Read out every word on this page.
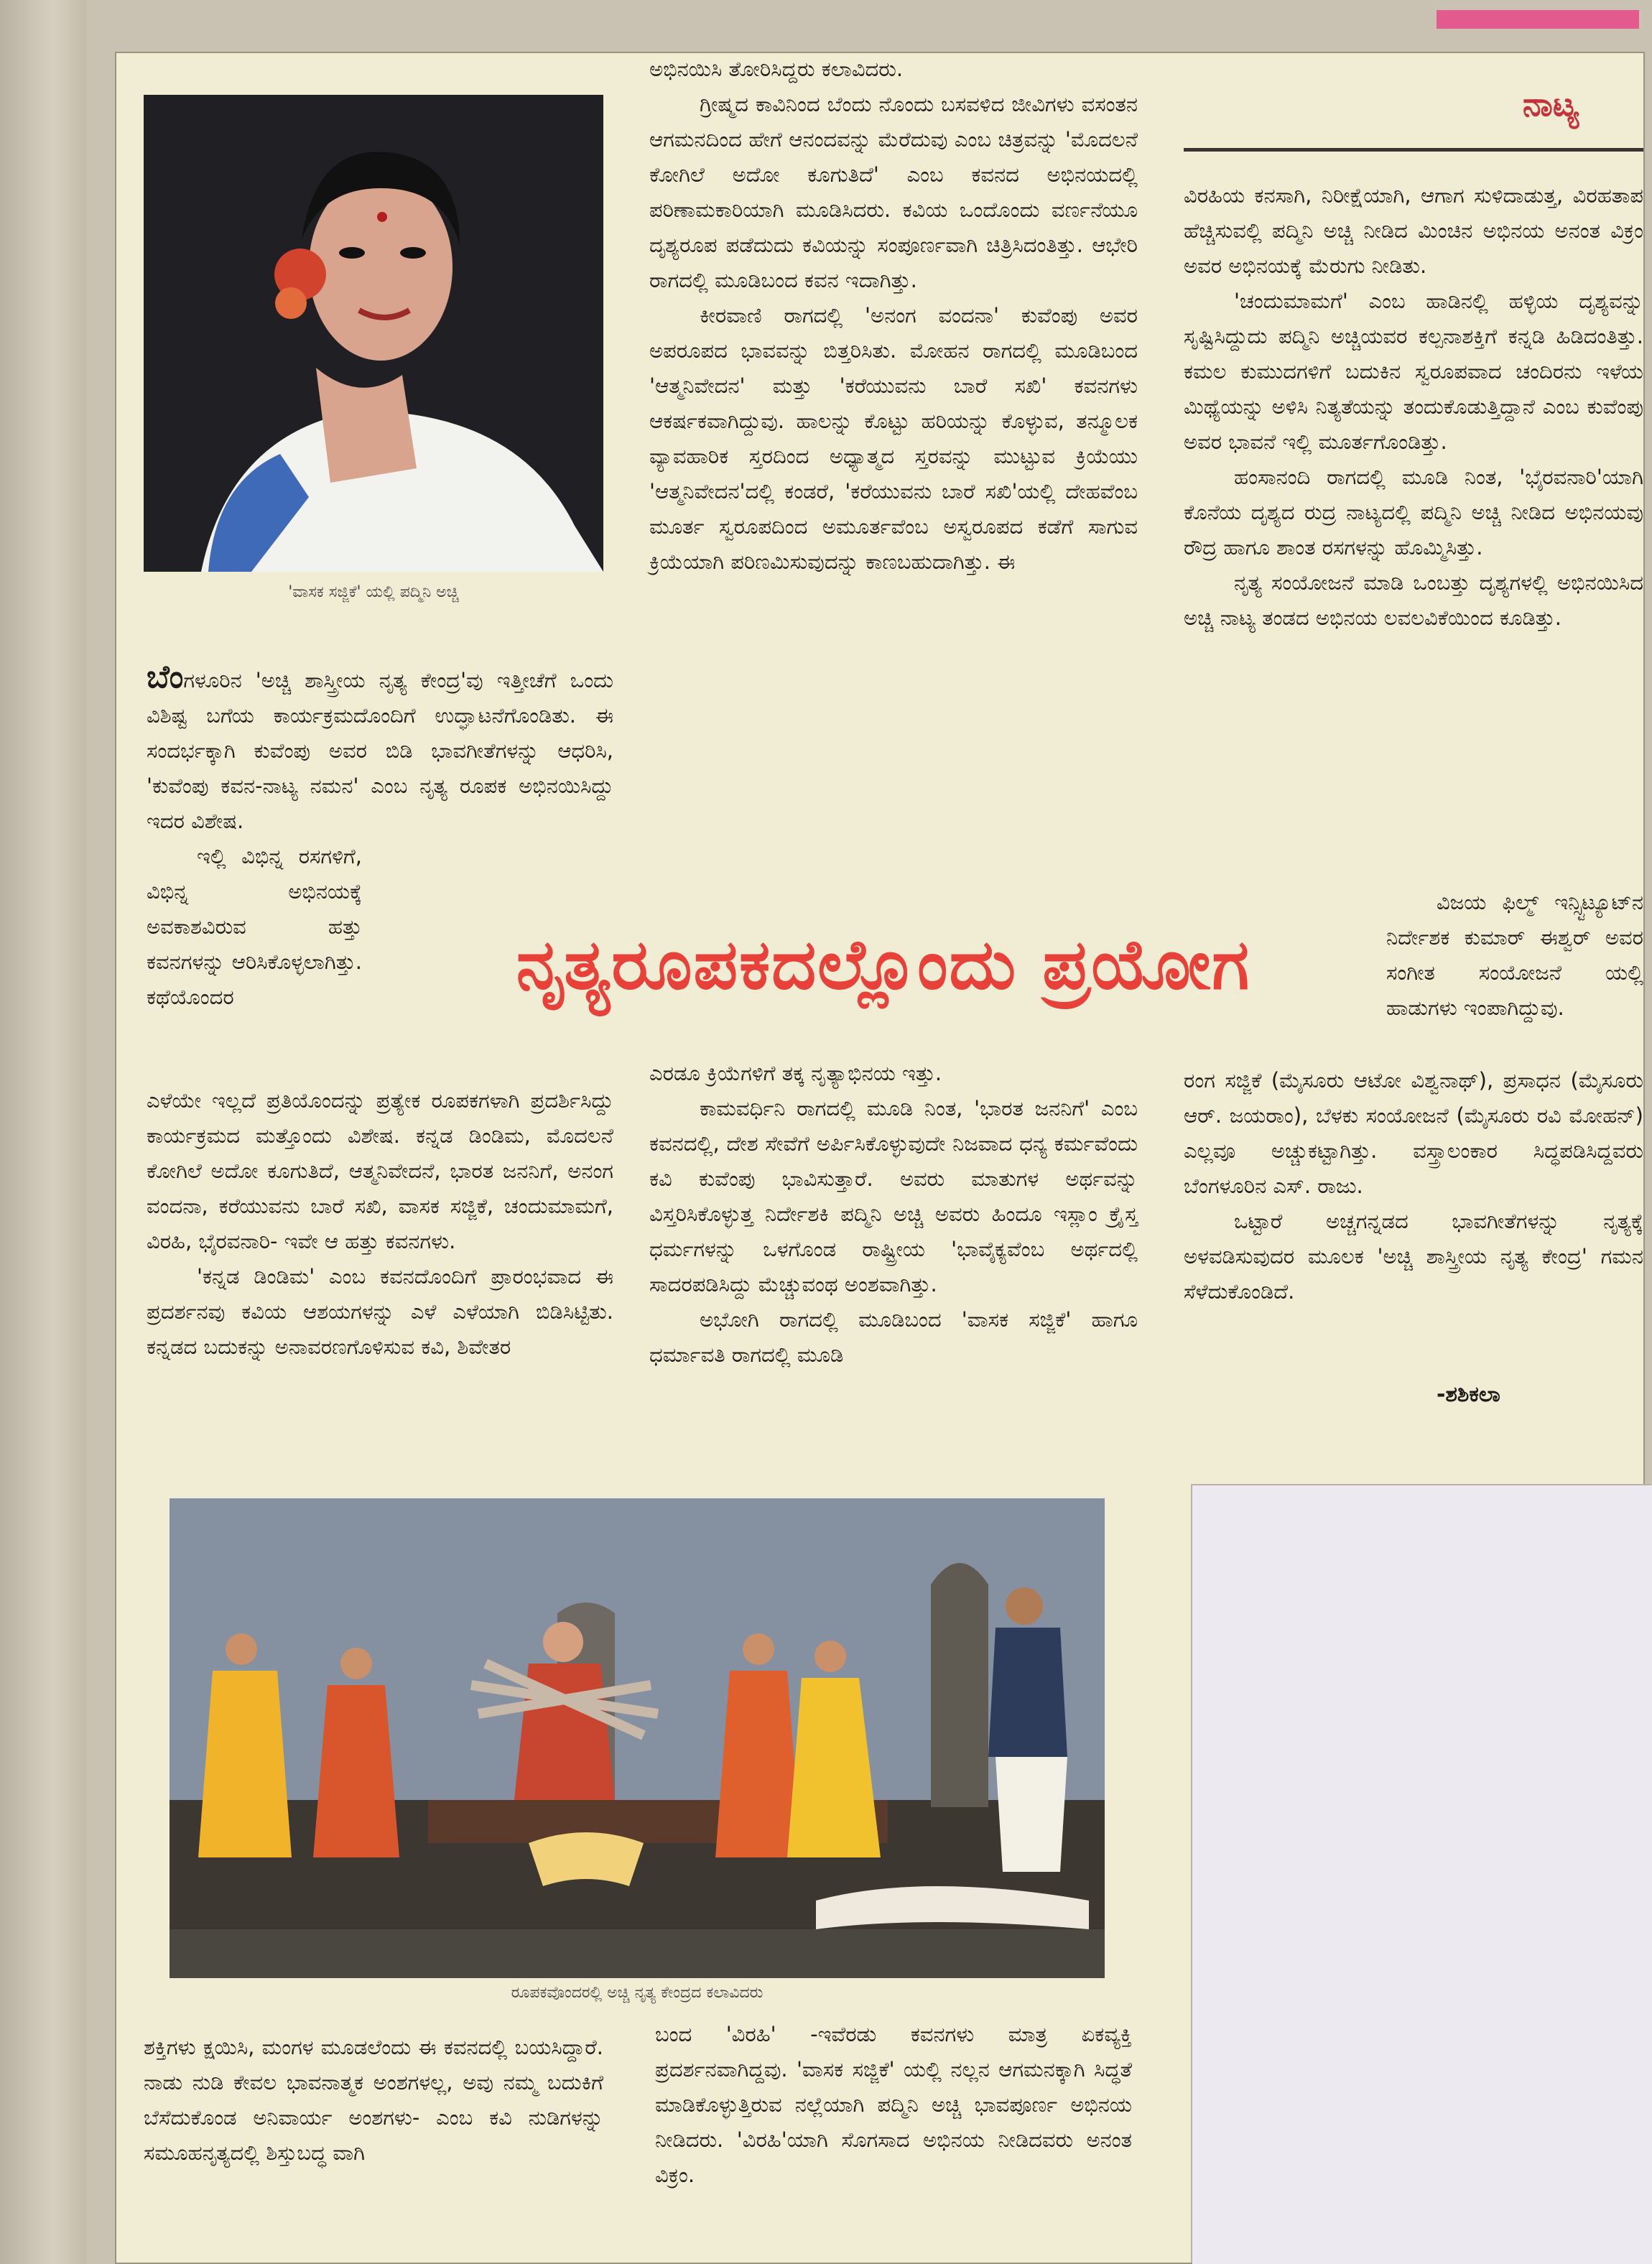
ನಾಟ್ಯ
'ವಾಸಕ ಸಜ್ಜಿಕೆ' ಯಲ್ಲಿ ಪದ್ಮಿನಿ ಅಚ್ಚಿ

ಬೆಂಗಳೂರಿನ 'ಅಚ್ಚಿ ಶಾಸ್ತ್ರೀಯ ನೃತ್ಯ ಕೇಂದ್ರ'ವು ಇತ್ತೀಚೆಗೆ ಒಂದು ವಿಶಿಷ್ಟ ಬಗೆಯ ಕಾರ್ಯಕ್ರಮದೊಂದಿಗೆ ಉದ್ಘಾಟನೆಗೊಂಡಿತು. ಈ ಸಂದರ್ಭಕ್ಕಾಗಿ ಕುವೆಂಪು ಅವರ ಬಿಡಿ ಭಾವಗೀತೆಗಳನ್ನು ಆಧರಿಸಿ, 'ಕುವೆಂಪು ಕವನ-ನಾಟ್ಯ ನಮನ' ಎಂಬ ನೃತ್ಯ ರೂಪಕ ಅಭಿನಯಿಸಿದ್ದು ಇದರ ವಿಶೇಷ.

ಇಲ್ಲಿ ವಿಭಿನ್ನ ರಸಗಳಿಗೆ, ವಿಭಿನ್ನ ಅಭಿನಯಕ್ಕೆ ಅವಕಾಶವಿರುವ ಹತ್ತು ಕವನಗಳನ್ನು ಆರಿಸಿಕೊಳ್ಳಲಾಗಿತ್ತು. ಕಥೆಯೊಂದರ

ಎಳೆಯೇ ಇಲ್ಲದೆ ಪ್ರತಿಯೊಂದನ್ನು ಪ್ರತ್ಯೇಕ ರೂಪಕಗಳಾಗಿ ಪ್ರದರ್ಶಿಸಿದ್ದು ಕಾರ್ಯಕ್ರಮದ ಮತ್ತೊಂದು ವಿಶೇಷ. ಕನ್ನಡ ಡಿಂಡಿಮ, ಮೊದಲನೆ ಕೋಗಿಲೆ ಅದೋ ಕೂಗುತಿದೆ, ಆತ್ಮನಿವೇದನೆ, ಭಾರತ ಜನನಿಗೆ, ಅನಂಗ ವಂದನಾ, ಕರೆಯುವನು ಬಾರೆ ಸಖಿ, ವಾಸಕ ಸಜ್ಜಿಕೆ, ಚಂದುಮಾಮಗೆ, ವಿರಹಿ, ಭೈರವನಾರಿ- ಇವೇ ಆ ಹತ್ತು ಕವನಗಳು.

'ಕನ್ನಡ ಡಿಂಡಿಮ' ಎಂಬ ಕವನದೊಂದಿಗೆ ಪ್ರಾರಂಭವಾದ ಈ ಪ್ರದರ್ಶನವು ಕವಿಯ ಆಶಯಗಳನ್ನು ಎಳೆ ಎಳೆಯಾಗಿ ಬಿಡಿಸಿಟ್ಟಿತು. ಕನ್ನಡದ ಬದುಕನ್ನು ಅನಾವರಣಗೊಳಿಸುವ ಕವಿ, ಶಿವೇತರ

ಅಭಿನಯಿಸಿ ತೋರಿಸಿದ್ದರು ಕಲಾವಿದರು.

ಗ್ರೀಷ್ಮದ ಕಾವಿನಿಂದ ಬೆಂದು ನೊಂದು ಬಸವಳಿದ ಜೀವಿಗಳು ವಸಂತನ ಆಗಮನದಿಂದ ಹೇಗೆ ಆನಂದವನ್ನು ಮೆರೆದುವು ಎಂಬ ಚಿತ್ರವನ್ನು 'ಮೊದಲನೆ ಕೋಗಿಲೆ ಅದೋ ಕೂಗುತಿದೆ' ಎಂಬ ಕವನದ ಅಭಿನಯದಲ್ಲಿ ಪರಿಣಾಮಕಾರಿಯಾಗಿ ಮೂಡಿಸಿದರು. ಕವಿಯ ಒಂದೊಂದು ವರ್ಣನೆಯೂ ದೃಶ್ಯರೂಪ ಪಡೆದುದು ಕವಿಯನ್ನು ಸಂಪೂರ್ಣವಾಗಿ ಚಿತ್ರಿಸಿದಂತಿತ್ತು. ಆಭೇರಿ ರಾಗದಲ್ಲಿ ಮೂಡಿಬಂದ ಕವನ ಇದಾಗಿತ್ತು.

ಕೀರವಾಣಿ ರಾಗದಲ್ಲಿ 'ಅನಂಗ ವಂದನಾ' ಕುವೆಂಪು ಅವರ ಅಪರೂಪದ ಭಾವವನ್ನು ಬಿತ್ತರಿಸಿತು. ಮೋಹನ ರಾಗದಲ್ಲಿ ಮೂಡಿಬಂದ 'ಆತ್ಮನಿವೇದನ' ಮತ್ತು 'ಕರೆಯುವನು ಬಾರೆ ಸಖಿ' ಕವನಗಳು ಆಕರ್ಷಕವಾಗಿದ್ದುವು. ಹಾಲನ್ನು ಕೊಟ್ಟು ಹರಿಯನ್ನು ಕೊಳ್ಳುವ, ತನ್ಮೂಲಕ ವ್ಯಾವಹಾರಿಕ ಸ್ತರದಿಂದ ಅಧ್ಯಾತ್ಮದ ಸ್ತರವನ್ನು ಮುಟ್ಟುವ ಕ್ರಿಯೆಯು 'ಆತ್ಮನಿವೇದನ'ದಲ್ಲಿ ಕಂಡರೆ, 'ಕರೆಯುವನು ಬಾರೆ ಸಖಿ'ಯಲ್ಲಿ ದೇಹವೆಂಬ ಮೂರ್ತ ಸ್ವರೂಪದಿಂದ ಅಮೂರ್ತವೆಂಬ ಅಸ್ವರೂಪದ ಕಡೆಗೆ ಸಾಗುವ ಕ್ರಿಯೆಯಾಗಿ ಪರಿಣಮಿಸುವುದನ್ನು ಕಾಣಬಹುದಾಗಿತ್ತು. ಈ

ನೃತ್ಯರೂಪಕದಲ್ಲೊಂದು ಪ್ರಯೋಗ

ಎರಡೂ ಕ್ರಿಯೆಗಳಿಗೆ ತಕ್ಕ ನೃತ್ಯಾಭಿನಯ ಇತ್ತು.

ಕಾಮವರ್ಧಿನಿ ರಾಗದಲ್ಲಿ ಮೂಡಿ ನಿಂತ, 'ಭಾರತ ಜನನಿಗೆ' ಎಂಬ ಕವನದಲ್ಲಿ, ದೇಶ ಸೇವೆಗೆ ಅರ್ಪಿಸಿಕೊಳ್ಳುವುದೇ ನಿಜವಾದ ಧನ್ಯ ಕರ್ಮವೆಂದು ಕವಿ ಕುವೆಂಪು ಭಾವಿಸುತ್ತಾರೆ. ಅವರು ಮಾತುಗಳ ಅರ್ಥವನ್ನು ವಿಸ್ತರಿಸಿಕೊಳ್ಳುತ್ತ ನಿರ್ದೇಶಕಿ ಪದ್ಮಿನಿ ಅಚ್ಚಿ ಅವರು ಹಿಂದೂ ಇಸ್ಲಾಂ ಕ್ರೈಸ್ತ ಧರ್ಮಗಳನ್ನು ಒಳಗೊಂಡ ರಾಷ್ಟ್ರೀಯ 'ಭಾವೈಕ್ಯವೆಂಬ ಅರ್ಥದಲ್ಲಿ ಸಾದರಪಡಿಸಿದ್ದು ಮೆಚ್ಚುವಂಥ ಅಂಶವಾಗಿತ್ತು.

ಅಭೋಗಿ ರಾಗದಲ್ಲಿ ಮೂಡಿಬಂದ 'ವಾಸಕ ಸಜ್ಜಿಕೆ' ಹಾಗೂ ಧರ್ಮಾವತಿ ರಾಗದಲ್ಲಿ ಮೂಡಿ

ವಿರಹಿಯ ಕನಸಾಗಿ, ನಿರೀಕ್ಷೆಯಾಗಿ, ಆಗಾಗ ಸುಳಿದಾಡುತ್ತ, ವಿರಹತಾಪ ಹೆಚ್ಚಿಸುವಲ್ಲಿ ಪದ್ಮಿನಿ ಅಚ್ಚಿ ನೀಡಿದ ಮಿಂಚಿನ ಅಭಿನಯ ಅನಂತ ವಿಕ್ರಂ ಅವರ ಅಭಿನಯಕ್ಕೆ ಮೆರುಗು ನೀಡಿತು.

'ಚಂದುಮಾಮಗೆ' ಎಂಬ ಹಾಡಿನಲ್ಲಿ ಹಳ್ಳಿಯ ದೃಶ್ಯವನ್ನು ಸೃಷ್ಟಿಸಿದ್ದುದು ಪದ್ಮಿನಿ ಅಚ್ಚಿಯವರ ಕಲ್ಪನಾಶಕ್ತಿಗೆ ಕನ್ನಡಿ ಹಿಡಿದಂತಿತ್ತು. ಕಮಲ ಕುಮುದಗಳಿಗೆ ಬದುಕಿನ ಸ್ವರೂಪವಾದ ಚಂದಿರನು ಇಳೆಯ ಮಿಥ್ಯೆಯನ್ನು ಅಳಿಸಿ ನಿತ್ಯತೆಯನ್ನು ತಂದುಕೊಡುತ್ತಿದ್ದಾನೆ ಎಂಬ ಕುವೆಂಪು ಅವರ ಭಾವನೆ ಇಲ್ಲಿ ಮೂರ್ತಗೊಂಡಿತ್ತು.

ಹಂಸಾನಂದಿ ರಾಗದಲ್ಲಿ ಮೂಡಿ ನಿಂತ, 'ಭೈರವನಾರಿ'ಯಾಗಿ ಕೊನೆಯ ದೃಶ್ಯದ ರುದ್ರ ನಾಟ್ಯದಲ್ಲಿ ಪದ್ಮಿನಿ ಅಚ್ಚಿ ನೀಡಿದ ಅಭಿನಯವು ರೌದ್ರ ಹಾಗೂ ಶಾಂತ ರಸಗಳನ್ನು ಹೊಮ್ಮಿಸಿತ್ತು.

ನೃತ್ಯ ಸಂಯೋಜನೆ ಮಾಡಿ ಒಂಬತ್ತು ದೃಶ್ಯಗಳಲ್ಲಿ ಅಭಿನಯಿಸಿದ ಅಚ್ಚಿ ನಾಟ್ಯ ತಂಡದ ಅಭಿನಯ ಲವಲವಿಕೆಯಿಂದ ಕೂಡಿತ್ತು.

ವಿಜಯ ಫಿಲ್ಮ್ ಇನ್ಸ್ಟಿಟ್ಯೂಟ್‌ನ ನಿರ್ದೇಶಕ ಕುಮಾರ್ ಈಶ್ವರ್ ಅವರ ಸಂಗೀತ ಸಂಯೋಜನೆ ಯಲ್ಲಿ ಹಾಡುಗಳು ಇಂಪಾಗಿದ್ದುವು.

ರಂಗ ಸಜ್ಜಿಕೆ (ಮೈಸೂರು ಆಟೋ ವಿಶ್ವನಾಥ್), ಪ್ರಸಾಧನ (ಮೈಸೂರು ಆರ್. ಜಯರಾಂ), ಬೆಳಕು ಸಂಯೋಜನೆ (ಮೈಸೂರು ರವಿ ಮೋಹನ್) ಎಲ್ಲವೂ ಅಚ್ಚುಕಟ್ಟಾಗಿತ್ತು. ವಸ್ತ್ರಾಲಂಕಾರ ಸಿದ್ಧಪಡಿಸಿದ್ದವರು ಬೆಂಗಳೂರಿನ ಎಸ್. ರಾಜು.

ಒಟ್ಟಾರೆ ಅಚ್ಚಗನ್ನಡದ ಭಾವಗೀತೆಗಳನ್ನು ನೃತ್ಯಕ್ಕೆ ಅಳವಡಿಸುವುದರ ಮೂಲಕ 'ಅಚ್ಚಿ ಶಾಸ್ತ್ರೀಯ ನೃತ್ಯ ಕೇಂದ್ರ' ಗಮನ ಸೆಳೆದುಕೊಂಡಿದೆ.

-ಶಶಿಕಲಾ
ರೂಪಕವೊಂದರಲ್ಲಿ ಅಚ್ಚಿ ನೃತ್ಯ ಕೇಂದ್ರದ ಕಲಾವಿದರು

ಶಕ್ತಿಗಳು ಕ್ಷಯಿಸಿ, ಮಂಗಳ ಮೂಡಲೆಂದು ಈ ಕವನದಲ್ಲಿ ಬಯಸಿದ್ದಾರೆ. ನಾಡು ನುಡಿ ಕೇವಲ ಭಾವನಾತ್ಮಕ ಅಂಶಗಳಲ್ಲ, ಅವು ನಮ್ಮ ಬದುಕಿಗೆ ಬೆಸೆದುಕೊಂಡ ಅನಿವಾರ್ಯ ಅಂಶಗಳು- ಎಂಬ ಕವಿ ನುಡಿಗಳನ್ನು ಸಮೂಹನೃತ್ಯದಲ್ಲಿ ಶಿಸ್ತುಬದ್ಧ ವಾಗಿ

ಬಂದ 'ವಿರಹಿ' -ಇವೆರಡು ಕವನಗಳು ಮಾತ್ರ ಏಕವ್ಯಕ್ತಿ ಪ್ರದರ್ಶನವಾಗಿದ್ದವು. 'ವಾಸಕ ಸಜ್ಜಿಕೆ' ಯಲ್ಲಿ ನಲ್ಲನ ಆಗಮನಕ್ಕಾಗಿ ಸಿದ್ಧತೆ ಮಾಡಿಕೊಳ್ಳುತ್ತಿರುವ ನಲ್ಲೆಯಾಗಿ ಪದ್ಮಿನಿ ಅಚ್ಚಿ ಭಾವಪೂರ್ಣ ಅಭಿನಯ ನೀಡಿದರು. 'ವಿರಹಿ'ಯಾಗಿ ಸೊಗಸಾದ ಅಭಿನಯ ನೀಡಿದವರು ಅನಂತ ವಿಕ್ರಂ.
